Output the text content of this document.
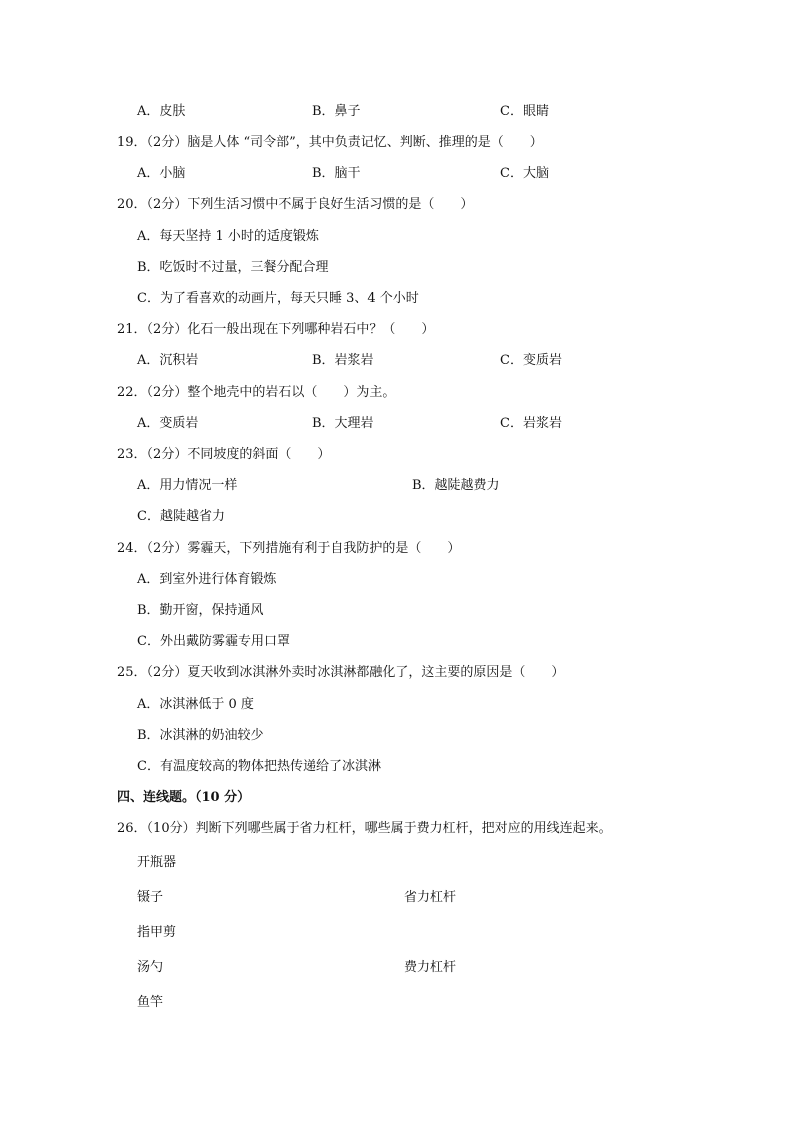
A．皮肤	B．鼻子	C．眼睛
19．（2分）脑是人体 “司令部”，其中负责记忆、判断、推理的是（　　）
A．小脑	B．脑干	C．大脑
20．（2分）下列生活习惯中不属于良好生活习惯的是（　　）
A．每天坚持 1 小时的适度锻炼
B．吃饭时不过量，三餐分配合理
C．为了看喜欢的动画片，每天只睡 3、4 个小时
21．（2分）化石一般出现在下列哪种岩石中？（　　）
A．沉积岩	B．岩浆岩	C．变质岩
22．（2分）整个地壳中的岩石以（　　）为主。
A．变质岩	B．大理岩	C．岩浆岩
23．（2分）不同坡度的斜面（　　）
A．用力情况一样	B．越陡越费力
C．越陡越省力
24．（2分）雾霾天，下列措施有利于自我防护的是（　　）
A．到室外进行体育锻炼
B．勤开窗，保持通风
C．外出戴防雾霾专用口罩
25．（2分）夏天收到冰淇淋外卖时冰淇淋都融化了，这主要的原因是（　　）
A．冰淇淋低于 0 度
B．冰淇淋的奶油较少
C．有温度较高的物体把热传递给了冰淇淋
四、连线题。（10 分）
26．（10分）判断下列哪些属于省力杠杆，哪些属于费力杠杆，把对应的用线连起来。
开瓶器
镊子
指甲剪
汤勺
鱼竿
省力杠杆
费力杠杆
